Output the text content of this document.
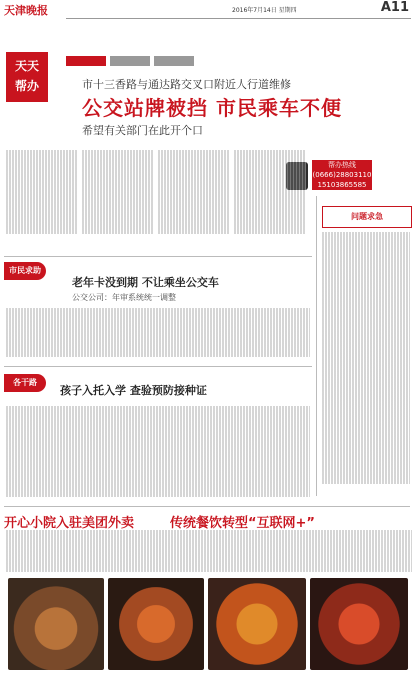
天津晚报	2016年7月14日 星期四	A11
天天
帮办	市十三香路与通达路交叉口附近人行道维修
公交站牌被挡 市民乘车不便
希望有关部门在此开个口
帮办热线
(0666)28803110
15103865585
问题求急
市民求助
老年卡没到期 不让乘坐公交车
公交公司：年审系统统一调整
各干路
孩子入托入学 查验预防接种证
开心小院入驻美团外卖	传统餐饮转型“互联网+”
